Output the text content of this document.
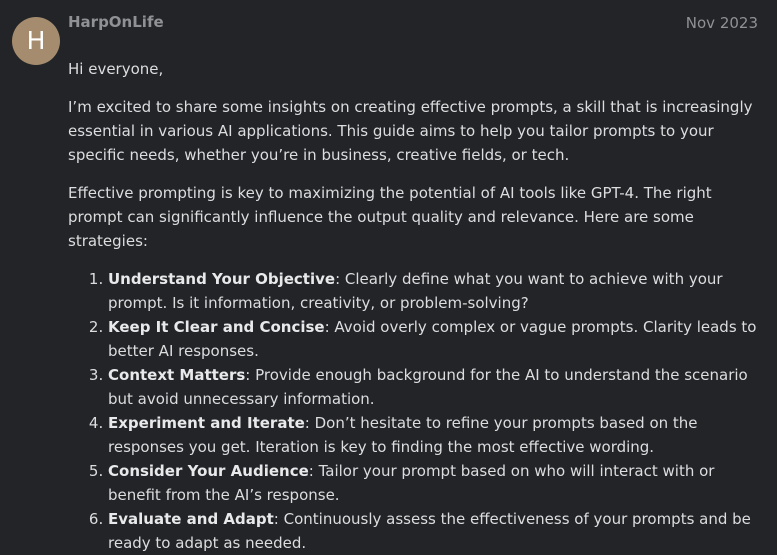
H
HarpOnLife	Nov 2023

Hi everyone,

I’m excited to share some insights on creating effective prompts, a skill that is increasingly essential in various AI applications. This guide aims to help you tailor prompts to your specific needs, whether you’re in business, creative fields, or tech.

Effective prompting is key to maximizing the potential of AI tools like GPT-4. The right prompt can significantly influence the output quality and relevance. Here are some strategies:

1. Understand Your Objective: Clearly define what you want to achieve with your prompt. Is it information, creativity, or problem-solving?
2. Keep It Clear and Concise: Avoid overly complex or vague prompts. Clarity leads to better AI responses.
3. Context Matters: Provide enough background for the AI to understand the scenario but avoid unnecessary information.
4. Experiment and Iterate: Don’t hesitate to refine your prompts based on the responses you get. Iteration is key to finding the most effective wording.
5. Consider Your Audience: Tailor your prompt based on who will interact with or benefit from the AI’s response.
6. Evaluate and Adapt: Continuously assess the effectiveness of your prompts and be ready to adapt as needed.
